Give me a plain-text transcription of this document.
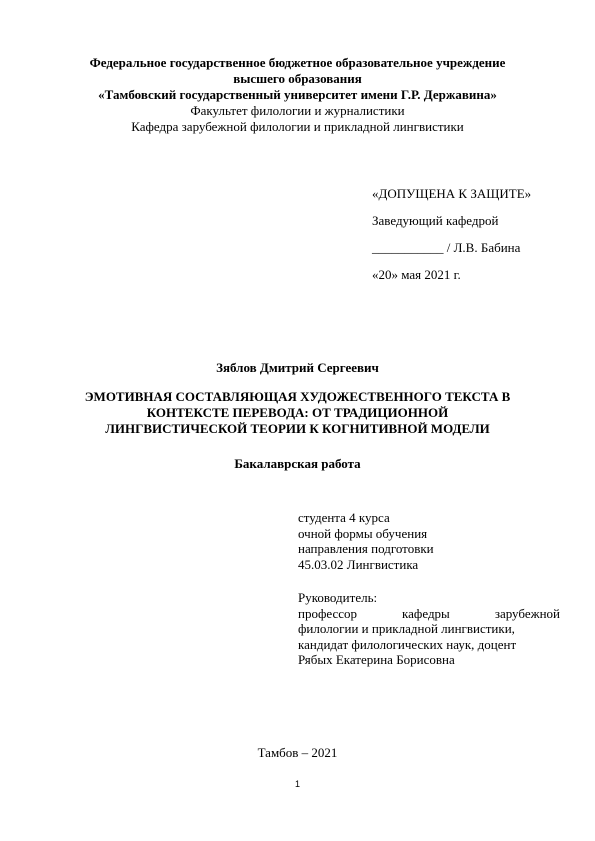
Федеральное государственное бюджетное образовательное учреждение
высшего образования
«Тамбовский государственный университет имени Г.Р. Державина»
Факультет филологии и журналистики
Кафедра зарубежной филологии и прикладной лингвистики
«ДОПУЩЕНА К ЗАЩИТЕ»
Заведующий кафедрой
___________ / Л.В. Бабина
«20» мая 2021 г.
Зяблов Дмитрий Сергеевич
ЭМОТИВНАЯ СОСТАВЛЯЮЩАЯ ХУДОЖЕСТВЕННОГО ТЕКСТА В
КОНТЕКСТЕ ПЕРЕВОДА: ОТ ТРАДИЦИОННОЙ
ЛИНГВИСТИЧЕСКОЙ ТЕОРИИ К КОГНИТИВНОЙ МОДЕЛИ
Бакалаврская работа
студента 4 курса
очной формы обучения
направления подготовки
45.03.02 Лингвистика
Руководитель:
профессор	кафедры	зарубежной
филологии и прикладной лингвистики,
кандидат филологических наук, доцент
Рябых Екатерина Борисовна
Тамбов – 2021
1
